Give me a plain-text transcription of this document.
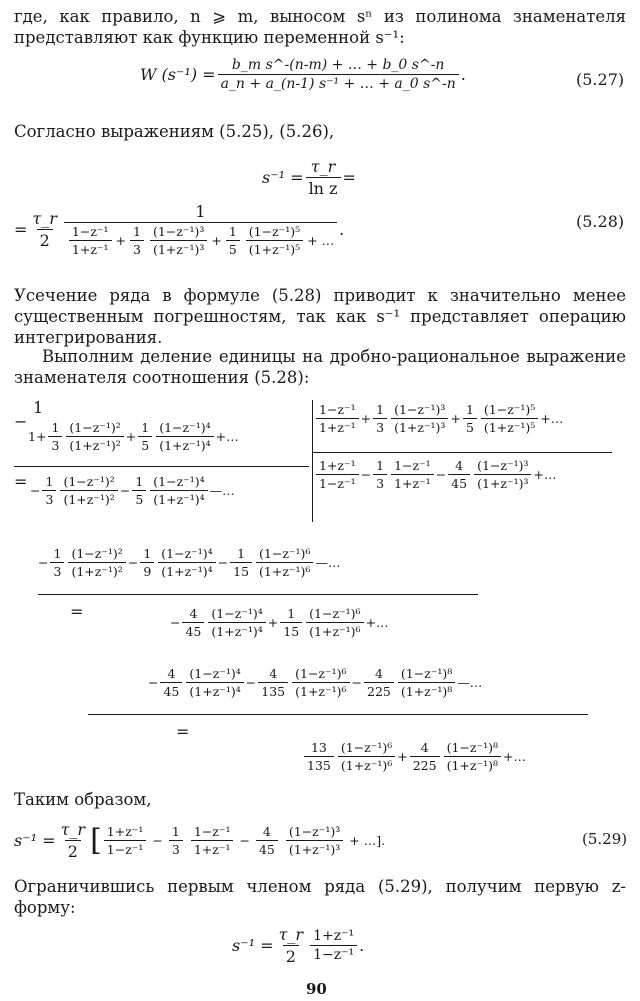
где, как правило, n ⩾ m, выносом sⁿ из полинома знаменателя представляют как функцию переменной s⁻¹:
W $(s^{-1}) = \frac{\text{b\_m s\textasciicircum{}-(n-m) + … + b\_0 s\textasciicircum{}-n}}{\text{a\_n + a\_(n-1) s⁻¹ + … + a\_0 s\textasciicircum{}-n}}$ .	(5.27)
Согласно выражениям (5.25), (5.26),
$s^{-1} = \frac{\tau\_r}{\text{ln z}}$ =
= $\frac{\tau\_r}{2}$	1
$\frac{\text{1−z⁻¹}}{\text{1+z⁻¹}} + \frac{1}{3} \frac{\text{(1−z⁻¹)³}}{\text{(1+z⁻¹)³}} + \frac{1}{5} \frac{\text{(1−z⁻¹)⁵}}{\text{(1+z⁻¹)⁵}}$ + …
.	(5.28)
Усечение ряда в формуле (5.28) приводит к значительно менее существенным погрешностям, так как s⁻¹ представляет операцию интегрирования.
Выполним деление единицы на дробно-рациональное выражение знаменателя соотношения (5.28):
1
−
$1+ \frac{1}{3} \frac{\text{(1−z⁻¹)²}}{\text{(1+z⁻¹)²}} + \frac{1}{5} \frac{\text{(1−z⁻¹)⁴}}{\text{(1+z⁻¹)⁴}}$ +…
= − $\frac{1}{3} \frac{\text{(1−z⁻¹)²}}{\text{(1+z⁻¹)²}} - \frac{1}{5} \frac{\text{(1−z⁻¹)⁴}}{\text{(1+z⁻¹)⁴}}$ —…
$\frac{\text{1−z⁻¹}}{\text{1+z⁻¹}} + \frac{1}{3} \frac{\text{(1−z⁻¹)³}}{\text{(1+z⁻¹)³}} + \frac{1}{5} \frac{\text{(1−z⁻¹)⁵}}{\text{(1+z⁻¹)⁵}}$ +…
$\frac{\text{1+z⁻¹}}{\text{1−z⁻¹}} - \frac{1}{3} \frac{\text{1−z⁻¹}}{\text{1+z⁻¹}} - \frac{4}{45} \frac{\text{(1−z⁻¹)³}}{\text{(1+z⁻¹)³}}$ +…
− $\frac{1}{3} \frac{\text{(1−z⁻¹)²}}{\text{(1+z⁻¹)²}} - \frac{1}{9} \frac{\text{(1−z⁻¹)⁴}}{\text{(1+z⁻¹)⁴}} - \frac{1}{15} \frac{\text{(1−z⁻¹)⁶}}{\text{(1+z⁻¹)⁶}}$ —…
=
− $\frac{4}{45} \frac{\text{(1−z⁻¹)⁴}}{\text{(1+z⁻¹)⁴}} + \frac{1}{15} \frac{\text{(1−z⁻¹)⁶}}{\text{(1+z⁻¹)⁶}}$ +…
− $\frac{4}{45} \frac{\text{(1−z⁻¹)⁴}}{\text{(1+z⁻¹)⁴}} - \frac{4}{135} \frac{\text{(1−z⁻¹)⁶}}{\text{(1+z⁻¹)⁶}} - \frac{4}{225} \frac{\text{(1−z⁻¹)⁸}}{\text{(1+z⁻¹)⁸}}$ —…
=
13
$135 \frac{\text{(1−z⁻¹)⁶}}{\text{(1+z⁻¹)⁶}} + \frac{4}{225} \frac{\text{(1−z⁻¹)⁸}}{\text{(1+z⁻¹)⁸}}$ +…
Таким образом,
$s^{-1} = \frac{\tau\_r}{2}$ [ $\frac{\text{1+z⁻¹}}{\text{1−z⁻¹}} - \frac{1}{3} \frac{\text{1−z⁻¹}}{\text{1+z⁻¹}} - \frac{4}{45} \frac{\text{(1−z⁻¹)³}}{\text{(1+z⁻¹)³}}$ + …].	(5.29)
Ограничившись первым членом ряда (5.29), получим первую z-форму:
$s^{-1} = \frac{\tau\_r}{2} \frac{\text{1+z⁻¹}}{\text{1−z⁻¹}}$ .
90
